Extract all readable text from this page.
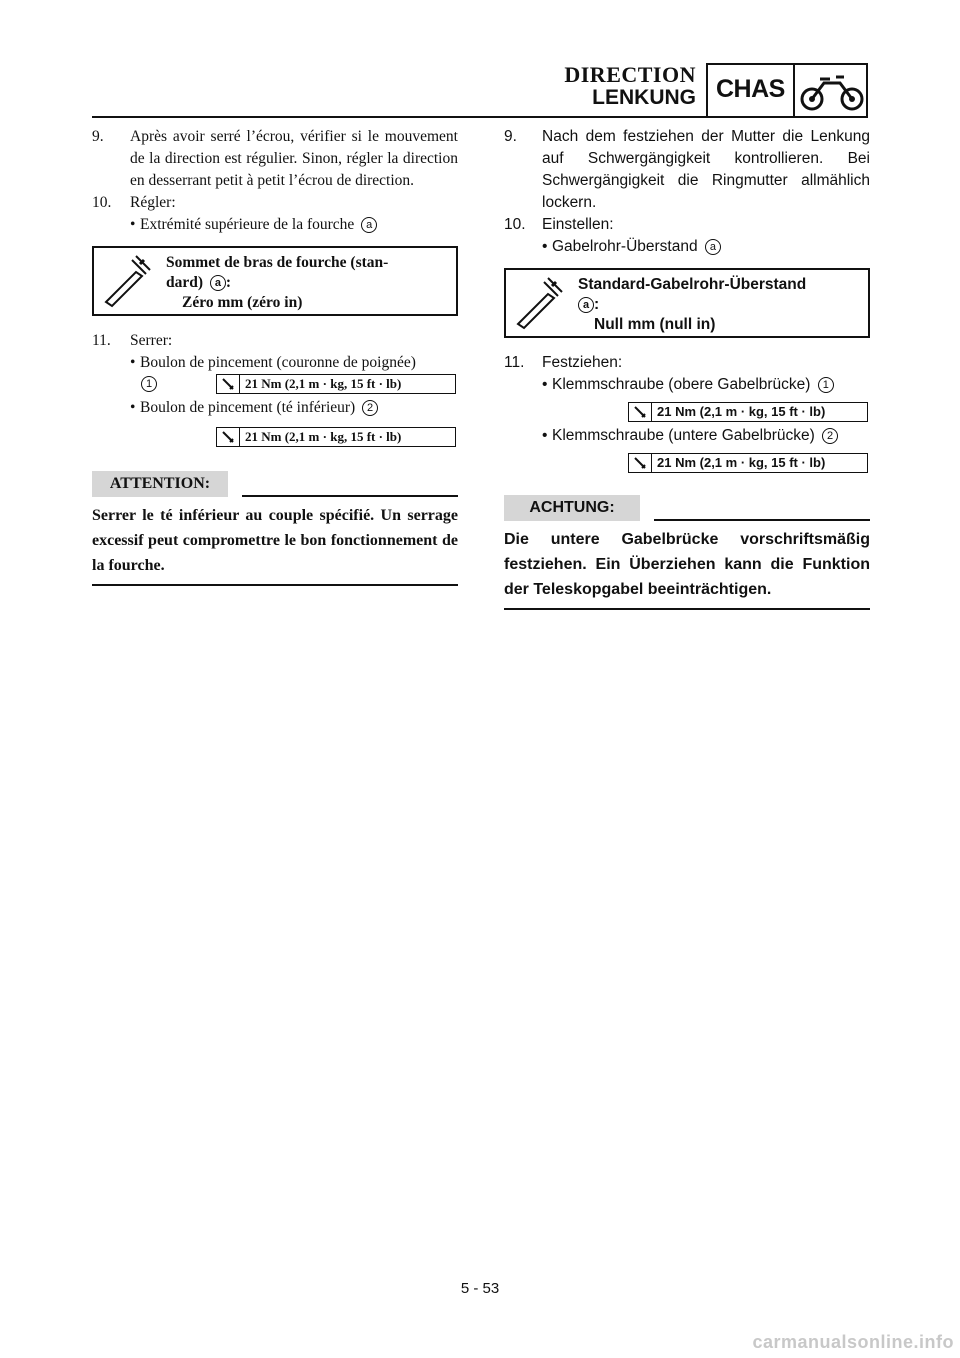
DIRECTION
LENKUNG CHAS
9. Après avoir serré l’écrou, vérifier si le mouvement de la direction est régulier. Sinon, régler la direction en desserrant petit à petit l’écrou de direction.
10. Régler:
• Extrémité supérieure de la fourche a
Sommet de bras de fourche (stan-
dard) a :
Zéro mm (zéro in)
11. Serrer:
• Boulon de pincement (couronne de poignée)
1	21 Nm (2,1 m · kg, 15 ft · lb)
• Boulon de pincement (té inférieur) 2
21 Nm (2,1 m · kg, 15 ft · lb)
ATTENTION:
Serrer le té inférieur au couple spécifié. Un serrage excessif peut compromettre le bon fonctionnement de la fourche.
9. Nach dem festziehen der Mutter die Lenkung auf Schwergängigkeit kontrollieren. Bei Schwergängigkeit die Ringmutter allmählich lockern.
10. Einstellen:
• Gabelrohr-Überstand a
Standard-Gabelrohr-Überstand
a :
Null mm (null in)
11. Festziehen:
• Klemmschraube (obere Gabelbrücke) 1
21 Nm (2,1 m · kg, 15 ft · lb)
• Klemmschraube (untere Gabelbrücke) 2
21 Nm (2,1 m · kg, 15 ft · lb)
ACHTUNG:
Die untere Gabelbrücke vorschriftsmäßig festziehen. Ein Überziehen kann die Funktion der Teleskopgabel beeinträchtigen.
5 - 53
carmanualsonline.info
